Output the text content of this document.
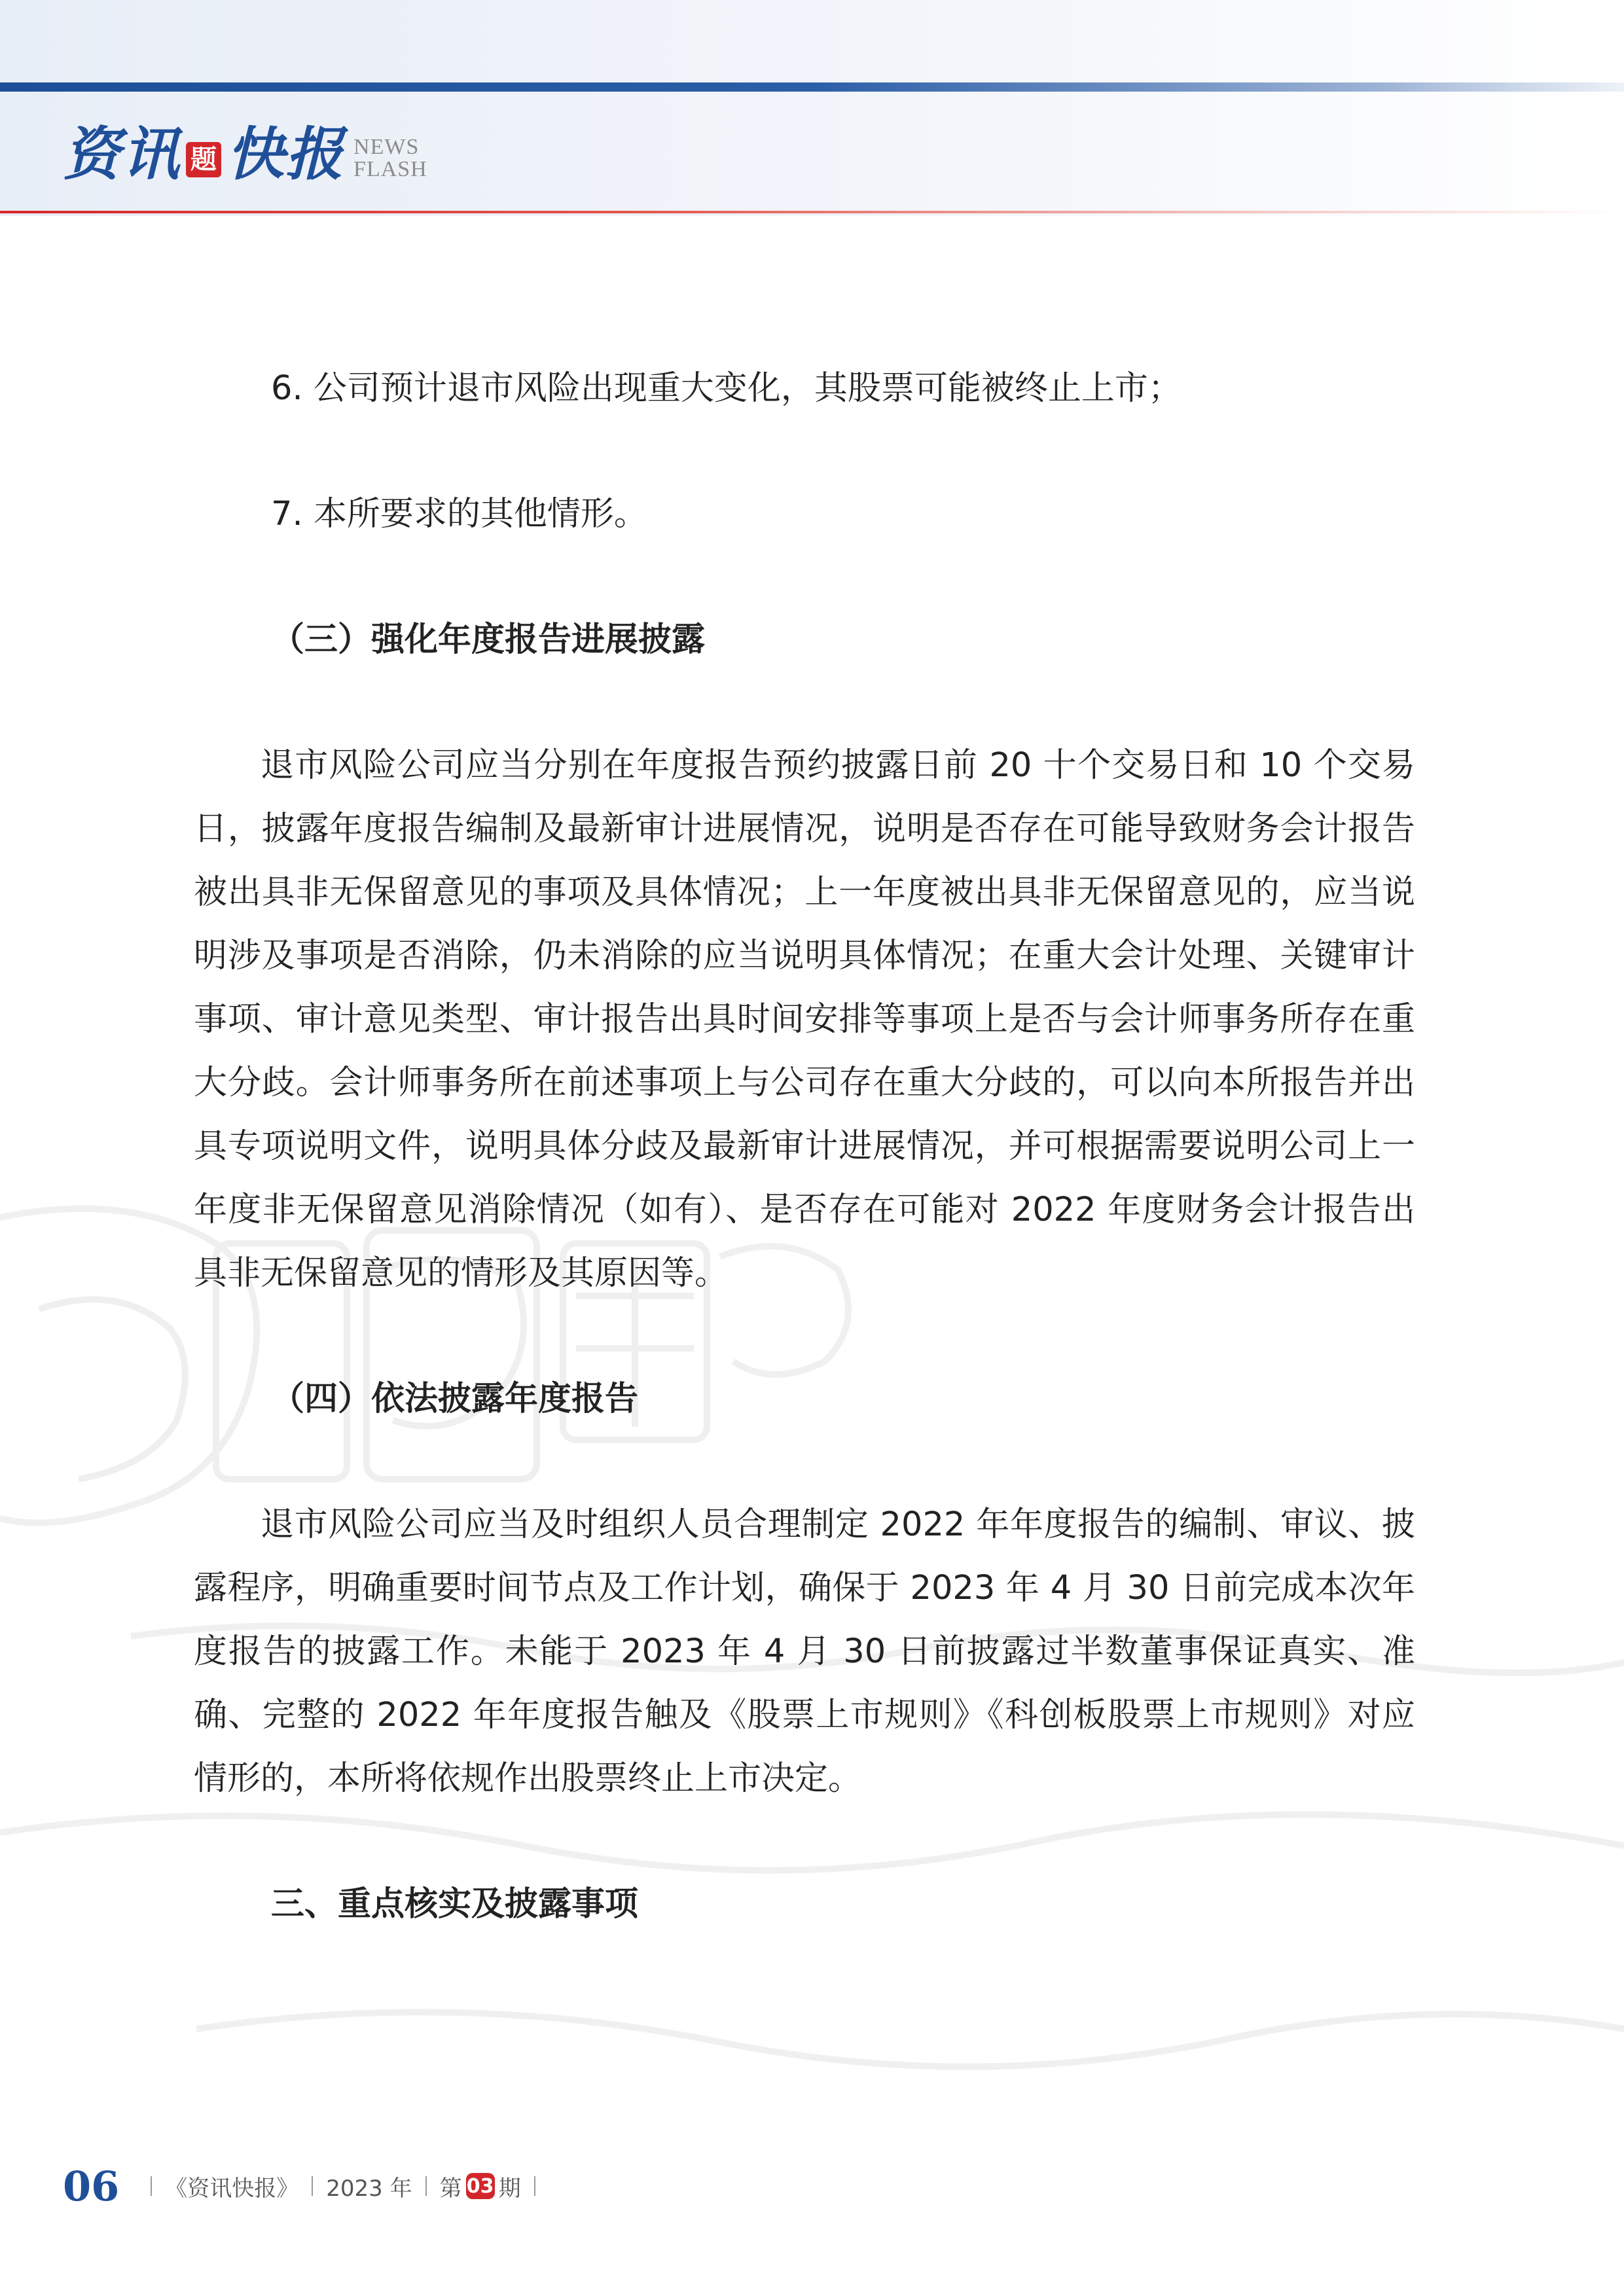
资讯 题 快报 NEWS
FLASH

6. 公司预计退市风险出现重大变化，其股票可能被终止上市；

7. 本所要求的其他情形。

（三）强化年度报告进展披露

退市风险公司应当分别在年度报告预约披露日前 20 十个交易日和 10 个交易日，披露年度报告编制及最新审计进展情况，说明是否存在可能导致财务会计报告被出具非无保留意见的事项及具体情况；上一年度被出具非无保留意见的，应当说明涉及事项是否消除，仍未消除的应当说明具体情况；在重大会计处理、关键审计事项、审计意见类型、审计报告出具时间安排等事项上是否与会计师事务所存在重大分歧。会计师事务所在前述事项上与公司存在重大分歧的，可以向本所报告并出具专项说明文件，说明具体分歧及最新审计进展情况，并可根据需要说明公司上一年度非无保留意见消除情况（如有）、是否存在可能对 2022 年度财务会计报告出具非无保留意见的情形及其原因等。

（四）依法披露年度报告

退市风险公司应当及时组织人员合理制定 2022 年年度报告的编制、审议、披露程序，明确重要时间节点及工作计划，确保于 2023 年 4 月 30 日前完成本次年度报告的披露工作。未能于 2023 年 4 月 30 日前披露过半数董事保证真实、准确、完整的 2022 年年度报告触及《股票上市规则》《科创板股票上市规则》对应情形的，本所将依规作出股票终止上市决定。

三、重点核实及披露事项

06 《资讯快报》 2023 年 第 03 期
